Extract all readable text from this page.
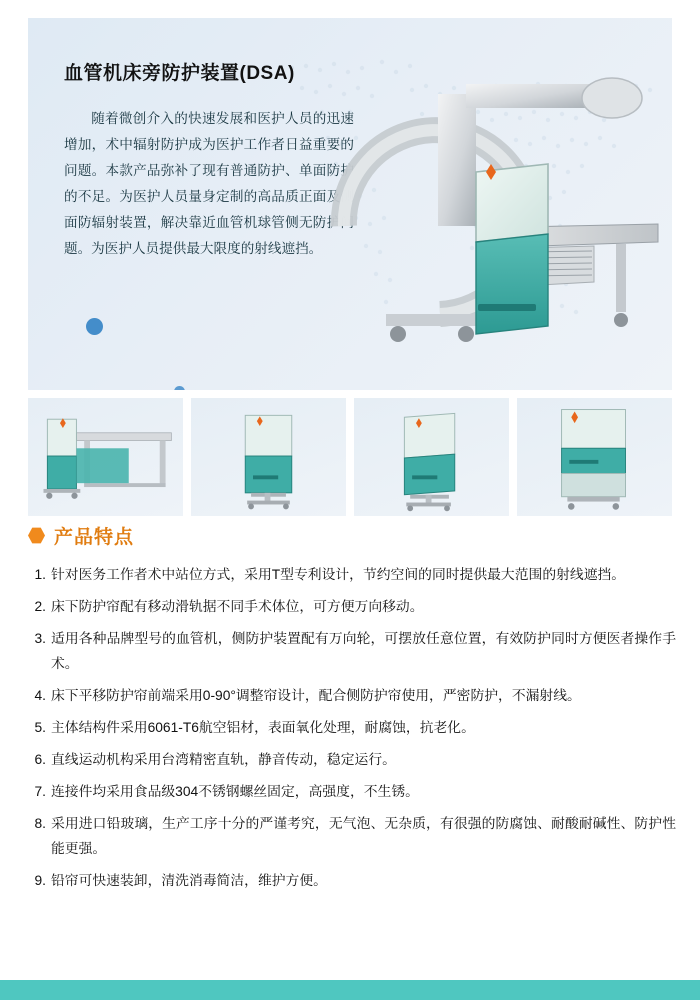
血管机床旁防护装置(DSA)
随着微创介入的快速发展和医护人员的迅速增加，术中辐射防护成为医护工作者日益重要的问题。本款产品弥补了现有普通防护、单面防护的不足。为医护人员量身定制的高品质正面及侧面防辐射装置，解决靠近血管机球管侧无防护问题。为医护人员提供最大限度的射线遮挡。
产品特点
1. 针对医务工作者术中站位方式，采用T型专利设计，节约空间的同时提供最大范围的射线遮挡。
2. 床下防护帘配有移动滑轨据不同手术体位，可方便万向移动。
3. 适用各种品牌型号的血管机，侧防护装置配有万向轮，可摆放任意位置，有效防护同时方便医者操作手术。
4. 床下平移防护帘前端采用0-90°调整帘设计，配合侧防护帘使用，严密防护，不漏射线。
5. 主体结构件采用6061-T6航空铝材，表面氧化处理，耐腐蚀，抗老化。
6. 直线运动机构采用台湾精密直轨，静音传动，稳定运行。
7. 连接件均采用食品级304不锈钢螺丝固定，高强度，不生锈。
8. 采用进口铅玻璃，生产工序十分的严谨考究，无气泡、无杂质，有很强的防腐蚀、耐酸耐碱性、防护性能更强。
9. 铅帘可快速装卸，清洗消毒简洁，维护方便。
